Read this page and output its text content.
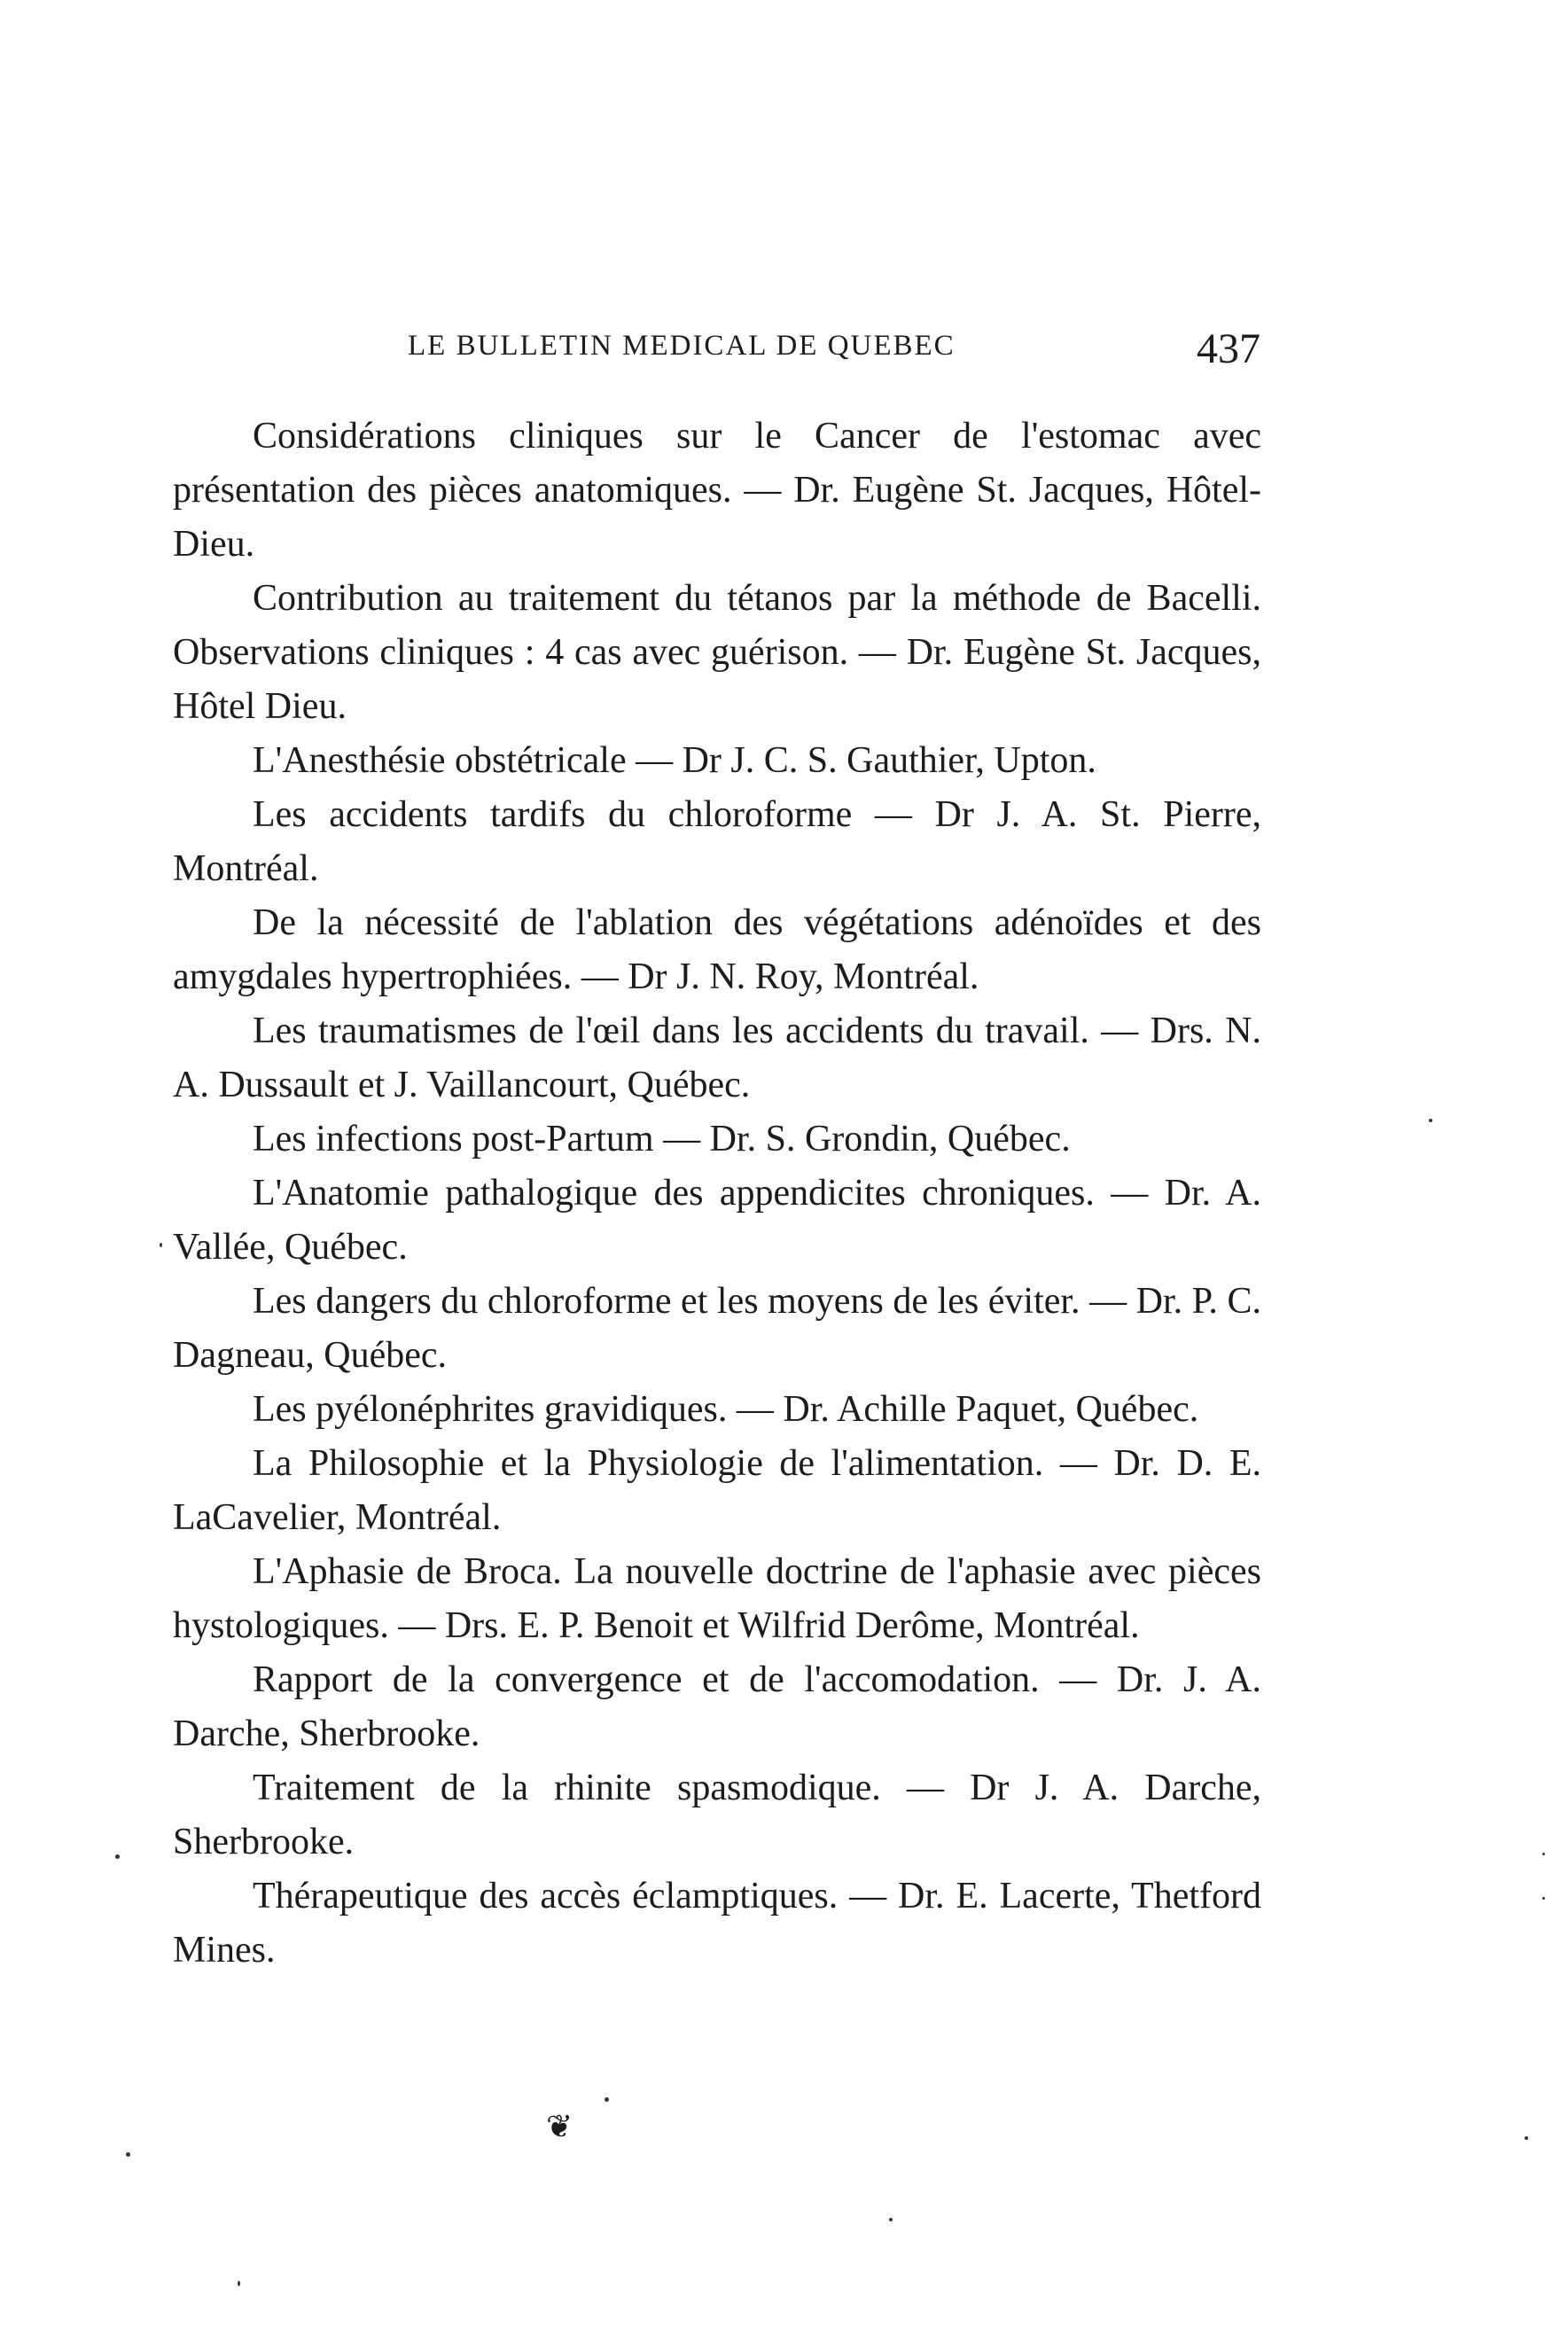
LE BULLETIN MEDICAL DE QUEBEC	437

Considérations cliniques sur le Cancer de l'estomac avec présentation des pièces anatomiques. — Dr. Eugène St. Jacques, Hôtel-Dieu.

Contribution au traitement du tétanos par la méthode de Bacelli. Observations cliniques : 4 cas avec guérison. — Dr. Eugène St. Jacques, Hôtel Dieu.

L'Anesthésie obstétricale — Dr J. C. S. Gauthier, Upton.

Les accidents tardifs du chloroforme — Dr J. A. St. Pierre, Montréal.

De la nécessité de l'ablation des végétations adénoïdes et des amygdales hypertrophiées. — Dr J. N. Roy, Montréal.

Les traumatismes de l'œil dans les accidents du travail. — Drs. N. A. Dussault et J. Vaillancourt, Québec.

Les infections post-Partum — Dr. S. Grondin, Québec.

L'Anatomie pathalogique des appendicites chroniques. — Dr. A. Vallée, Québec.

Les dangers du chloroforme et les moyens de les éviter. — Dr. P. C. Dagneau, Québec.

Les pyélonéphrites gravidiques. — Dr. Achille Paquet, Québec.

La Philosophie et la Physiologie de l'alimentation. — Dr. D. E. LaCavelier, Montréal.

L'Aphasie de Broca. La nouvelle doctrine de l'aphasie avec pièces hystologiques. — Drs. E. P. Benoit et Wilfrid Derôme, Montréal.

Rapport de la convergence et de l'accomodation. — Dr. J. A. Darche, Sherbrooke.

Traitement de la rhinite spasmodique. — Dr J. A. Darche, Sherbrooke.

Thérapeutique des accès éclamptiques. — Dr. E. Lacerte, Thetford Mines.

❦
